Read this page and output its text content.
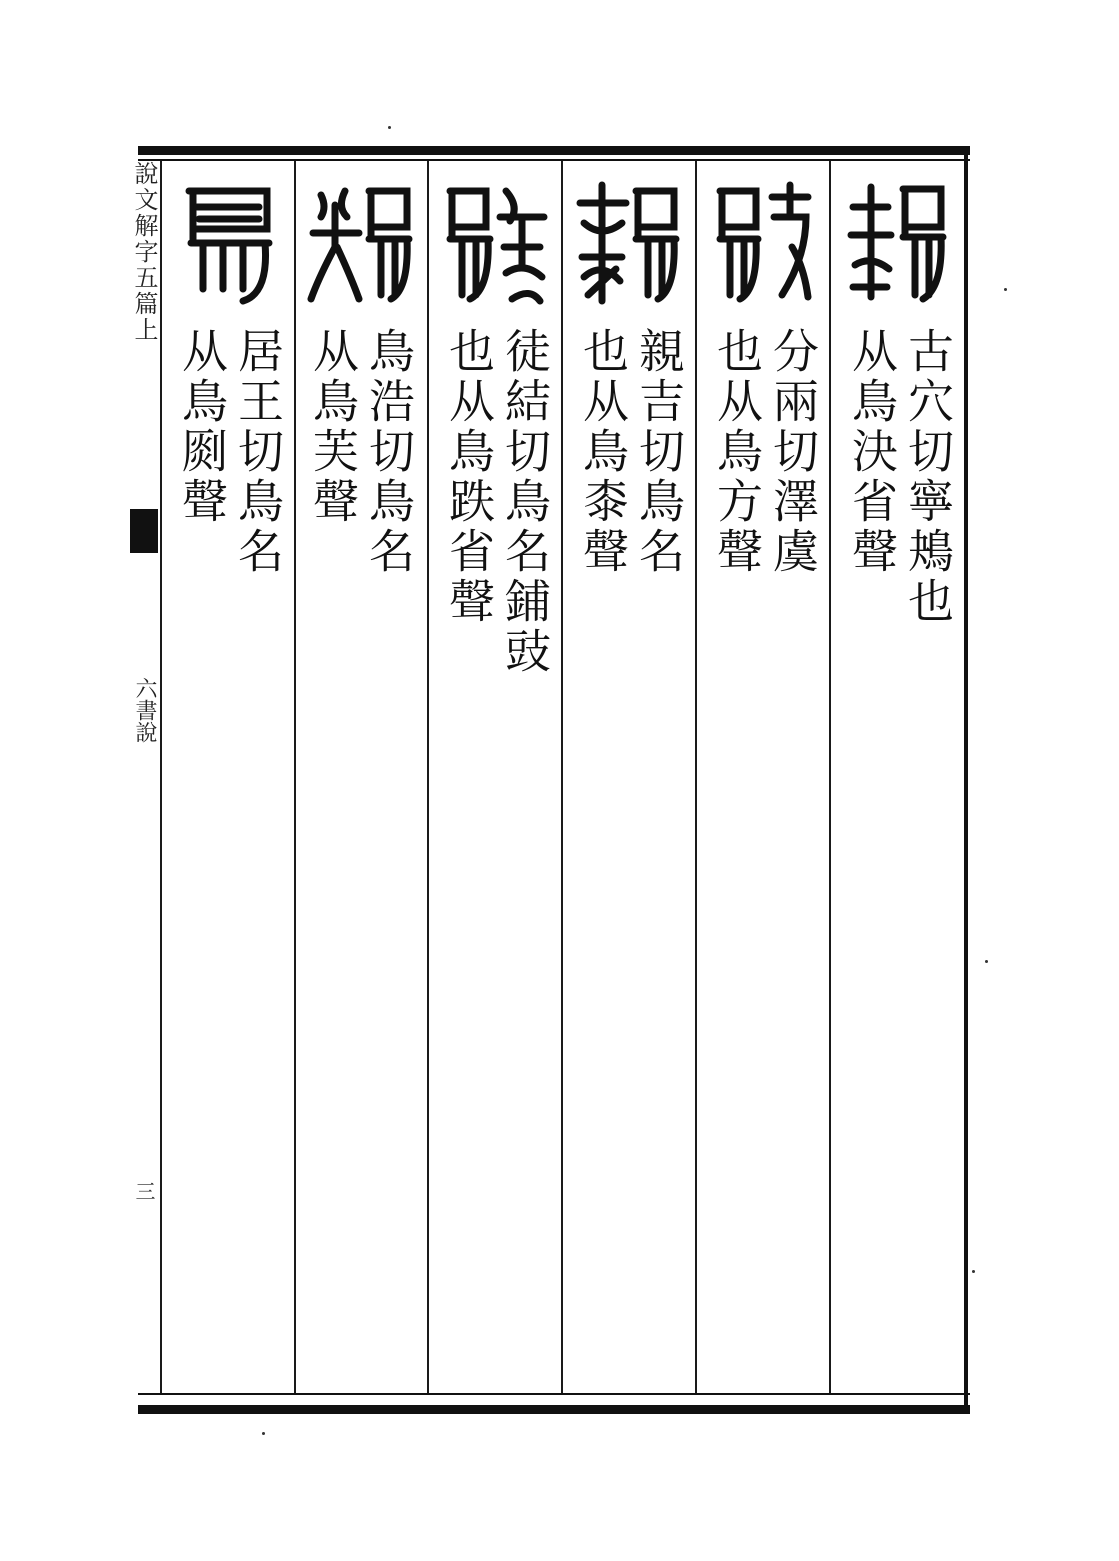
說文解字五篇上
六書說
三
古穴切寧鴂也
从鳥決省聲
分兩切澤虞
也从鳥方聲
親吉切鳥名
也从鳥桼聲
徒結切鳥名鋪豉
也从鳥跌省聲
鳥浩切鳥名
从鳥芙聲
居王切鳥名
从鳥㓹聲
